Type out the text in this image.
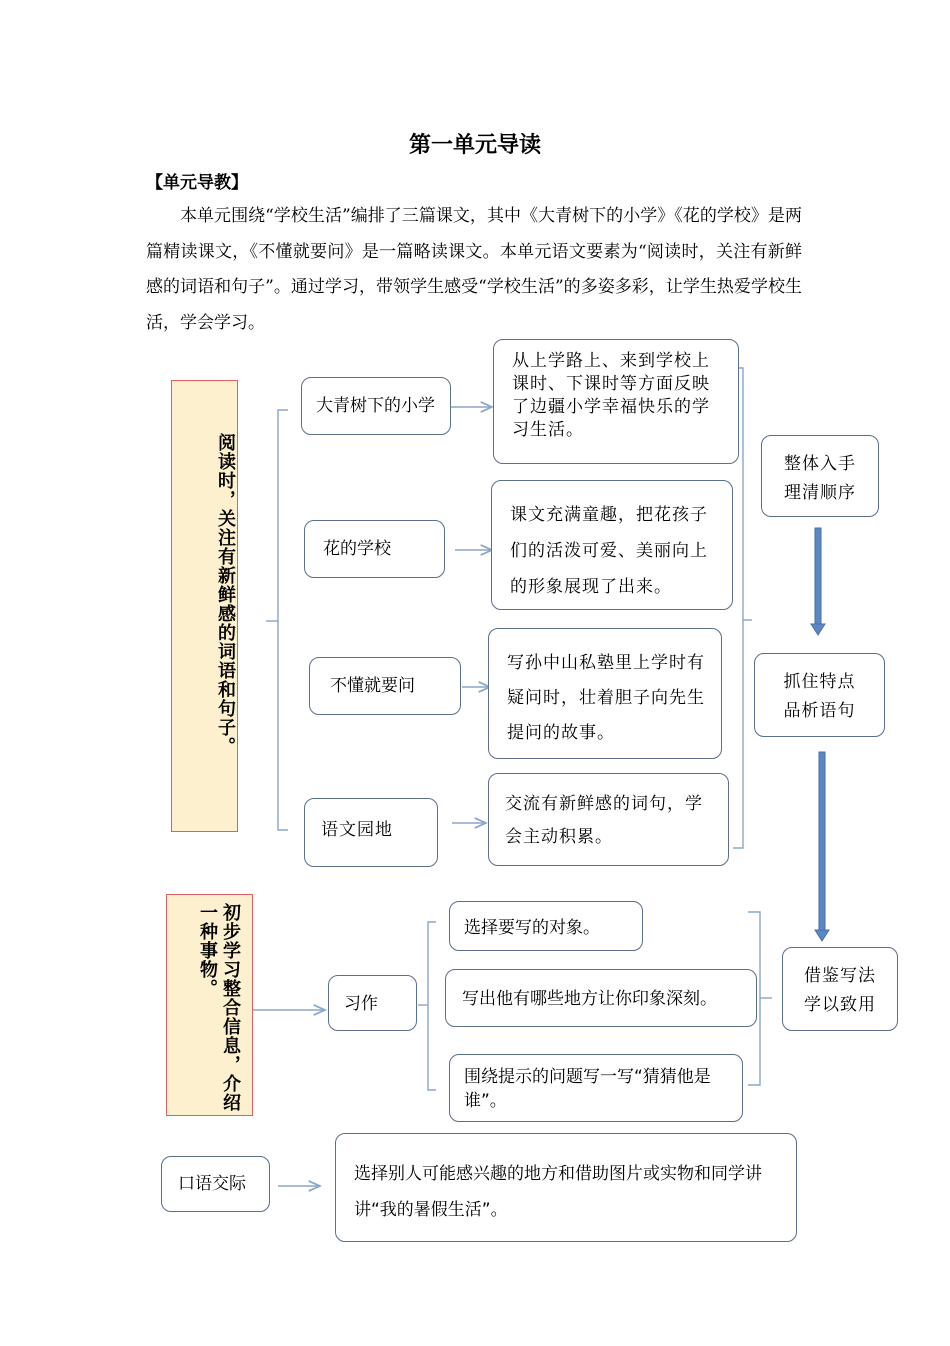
第一单元导读
【单元导教】
本单元围绕“学校生活”编排了三篇课文，其中《大青树下的小学》《花的学校》是两篇精读课文，《不懂就要问》是一篇略读课文。本单元语文要素为“阅读时，关注有新鲜感的词语和句子”。通过学习，带领学生感受“学校生活”的多姿多彩，让学生热爱学校生活，学会学习。
阅读时，关注有新鲜感的词语和句子。
大青树下的小学
花的学校
不懂就要问
语文园地
从上学路上、来到学校上课时、下课时等方面反映了边疆小学幸福快乐的学习生活。
课文充满童趣，把花孩子们的活泼可爱、美丽向上的形象展现了出来。
写孙中山私塾里上学时有疑问时，壮着胆子向先生提问的故事。
交流有新鲜感的词句，学会主动积累。
整体入手理清顺序
抓住特点品析语句
借鉴写法学以致用
初步学习整合信息，介绍一种事物。
习作
选择要写的对象。
写出他有哪些地方让你印象深刻。
围绕提示的问题写一写“猜猜他是谁”。
口语交际	选择别人可能感兴趣的地方和借助图片或实物和同学讲讲“我的暑假生活”。
